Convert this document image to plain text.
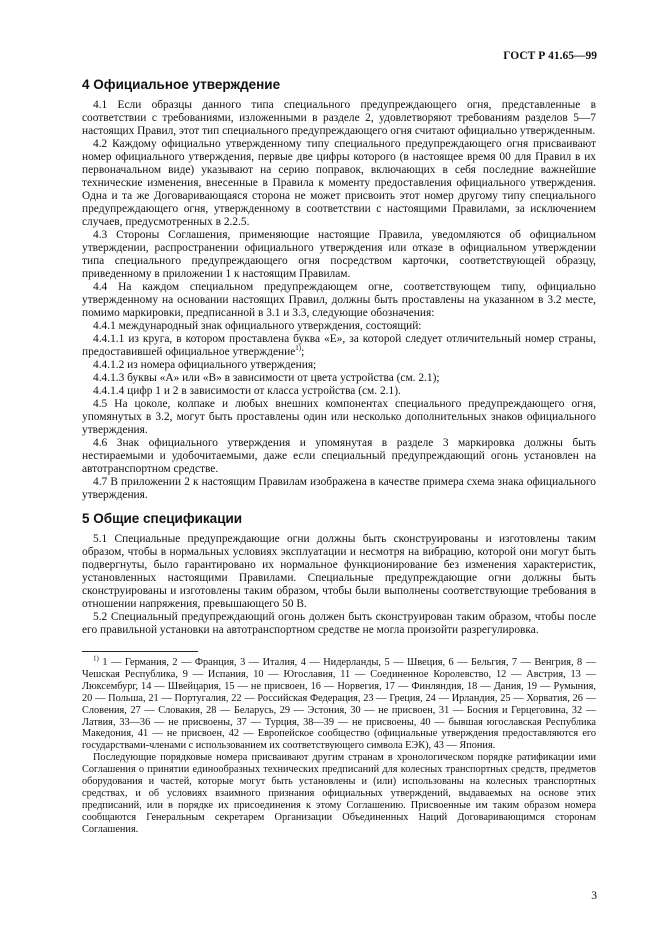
ГОСТ Р 41.65—99
4 Официальное утверждение

4.1 Если образцы данного типа специального предупреждающего огня, представленные в соответствии с требованиями, изложенными в разделе 2, удовлетворяют требованиям разделов 5—7 настоящих Правил, этот тип специального предупреждающего огня считают официально утвержденным.

4.2 Каждому официально утвержденному типу специального предупреждающего огня присваивают номер официального утверждения, первые две цифры которого (в настоящее время 00 для Правил в их первоначальном виде) указывают на серию поправок, включающих в себя последние важнейшие технические изменения, внесенные в Правила к моменту предоставления официального утверждения. Одна и та же Договаривающаяся сторона не может присвоить этот номер другому типу специального предупреждающего огня, утвержденному в соответствии с настоящими Правилами, за исключением случаев, предусмотренных в 2.2.5.

4.3 Стороны Соглашения, применяющие настоящие Правила, уведомляются об официальном утверждении, распространении официального утверждения или отказе в официальном утверждении типа специального предупреждающего огня посредством карточки, соответствующей образцу, приведенному в приложении 1 к настоящим Правилам.

4.4 На каждом специальном предупреждающем огне, соответствующем типу, официально утвержденному на основании настоящих Правил, должны быть проставлены на указанном в 3.2 месте, помимо маркировки, предписанной в 3.1 и 3.3, следующие обозначения:

4.4.1 международный знак официального утверждения, состоящий:

4.4.1.1 из круга, в котором проставлена буква «Е», за которой следует отличительный номер страны, предоставившей официальное утверждение$^{1)}$;

4.4.1.2 из номера официального утверждения;

4.4.1.3 буквы «А» или «В» в зависимости от цвета устройства (см. 2.1);

4.4.1.4 цифр 1 и 2 в зависимости от класса устройства (см. 2.1).

4.5 На цоколе, колпаке и любых внешних компонентах специального предупреждающего огня, упомянутых в 3.2, могут быть проставлены один или несколько дополнительных знаков официального утверждения.

4.6 Знак официального утверждения и упомянутая в разделе 3 маркировка должны быть нестираемыми и удобочитаемыми, даже если специальный предупреждающий огонь установлен на автотранспортном средстве.

4.7 В приложении 2 к настоящим Правилам изображена в качестве примера схема знака официального утверждения.

5 Общие спецификации

5.1 Специальные предупреждающие огни должны быть сконструированы и изготовлены таким образом, чтобы в нормальных условиях эксплуатации и несмотря на вибрацию, которой они могут быть подвергнуты, было гарантировано их нормальное функционирование без изменения характеристик, установленных настоящими Правилами. Специальные предупреждающие огни должны быть сконструированы и изготовлены таким образом, чтобы были выполнены соответствующие требования в отношении напряжения, превышающего 50 В.

5.2 Специальный предупреждающий огонь должен быть сконструирован таким образом, чтобы после его правильной установки на автотранспортном средстве не могла произойти разрегулировка.

$^{1)}$ 1 — Германия, 2 — Франция, 3 — Италия, 4 — Нидерланды, 5 — Швеция, 6 — Бельгия, 7 — Венгрия, 8 — Чешская Республика, 9 — Испания, 10 — Югославия, 11 — Соединенное Королевство, 12 — Австрия, 13 — Люксембург, 14 — Швейцария, 15 — не присвоен, 16 — Норвегия, 17 — Финляндия, 18 — Дания, 19 — Румыния, 20 — Польша, 21 — Португалия, 22 — Российская Федерация, 23 — Греция, 24 — Ирландия, 25 — Хорватия, 26 — Словения, 27 — Словакия, 28 — Беларусь, 29 — Эстония, 30 — не присвоен, 31 — Босния и Герцеговина, 32 — Латвия, 33—36 — не присвоены, 37 — Турция, 38—39 — не присвоены, 40 — бывшая югославская Республика Македония, 41 — не присвоен, 42 — Европейское сообщество (официальные утверждения предоставляются его государствами-членами с использованием их соответствующего символа ЕЭК), 43 — Япония.

Последующие порядковые номера присваивают другим странам в хронологическом порядке ратификации ими Соглашения о принятии единообразных технических предписаний для колесных транспортных средств, предметов оборудования и частей, которые могут быть установлены и (или) использованы на колесных транспортных средствах, и об условиях взаимного признания официальных утверждений, выдаваемых на основе этих предписаний, или в порядке их присоединения к этому Соглашению. Присвоенные им таким образом номера сообщаются Генеральным секретарем Организации Объединенных Наций Договаривающимся сторонам Соглашения.

3
